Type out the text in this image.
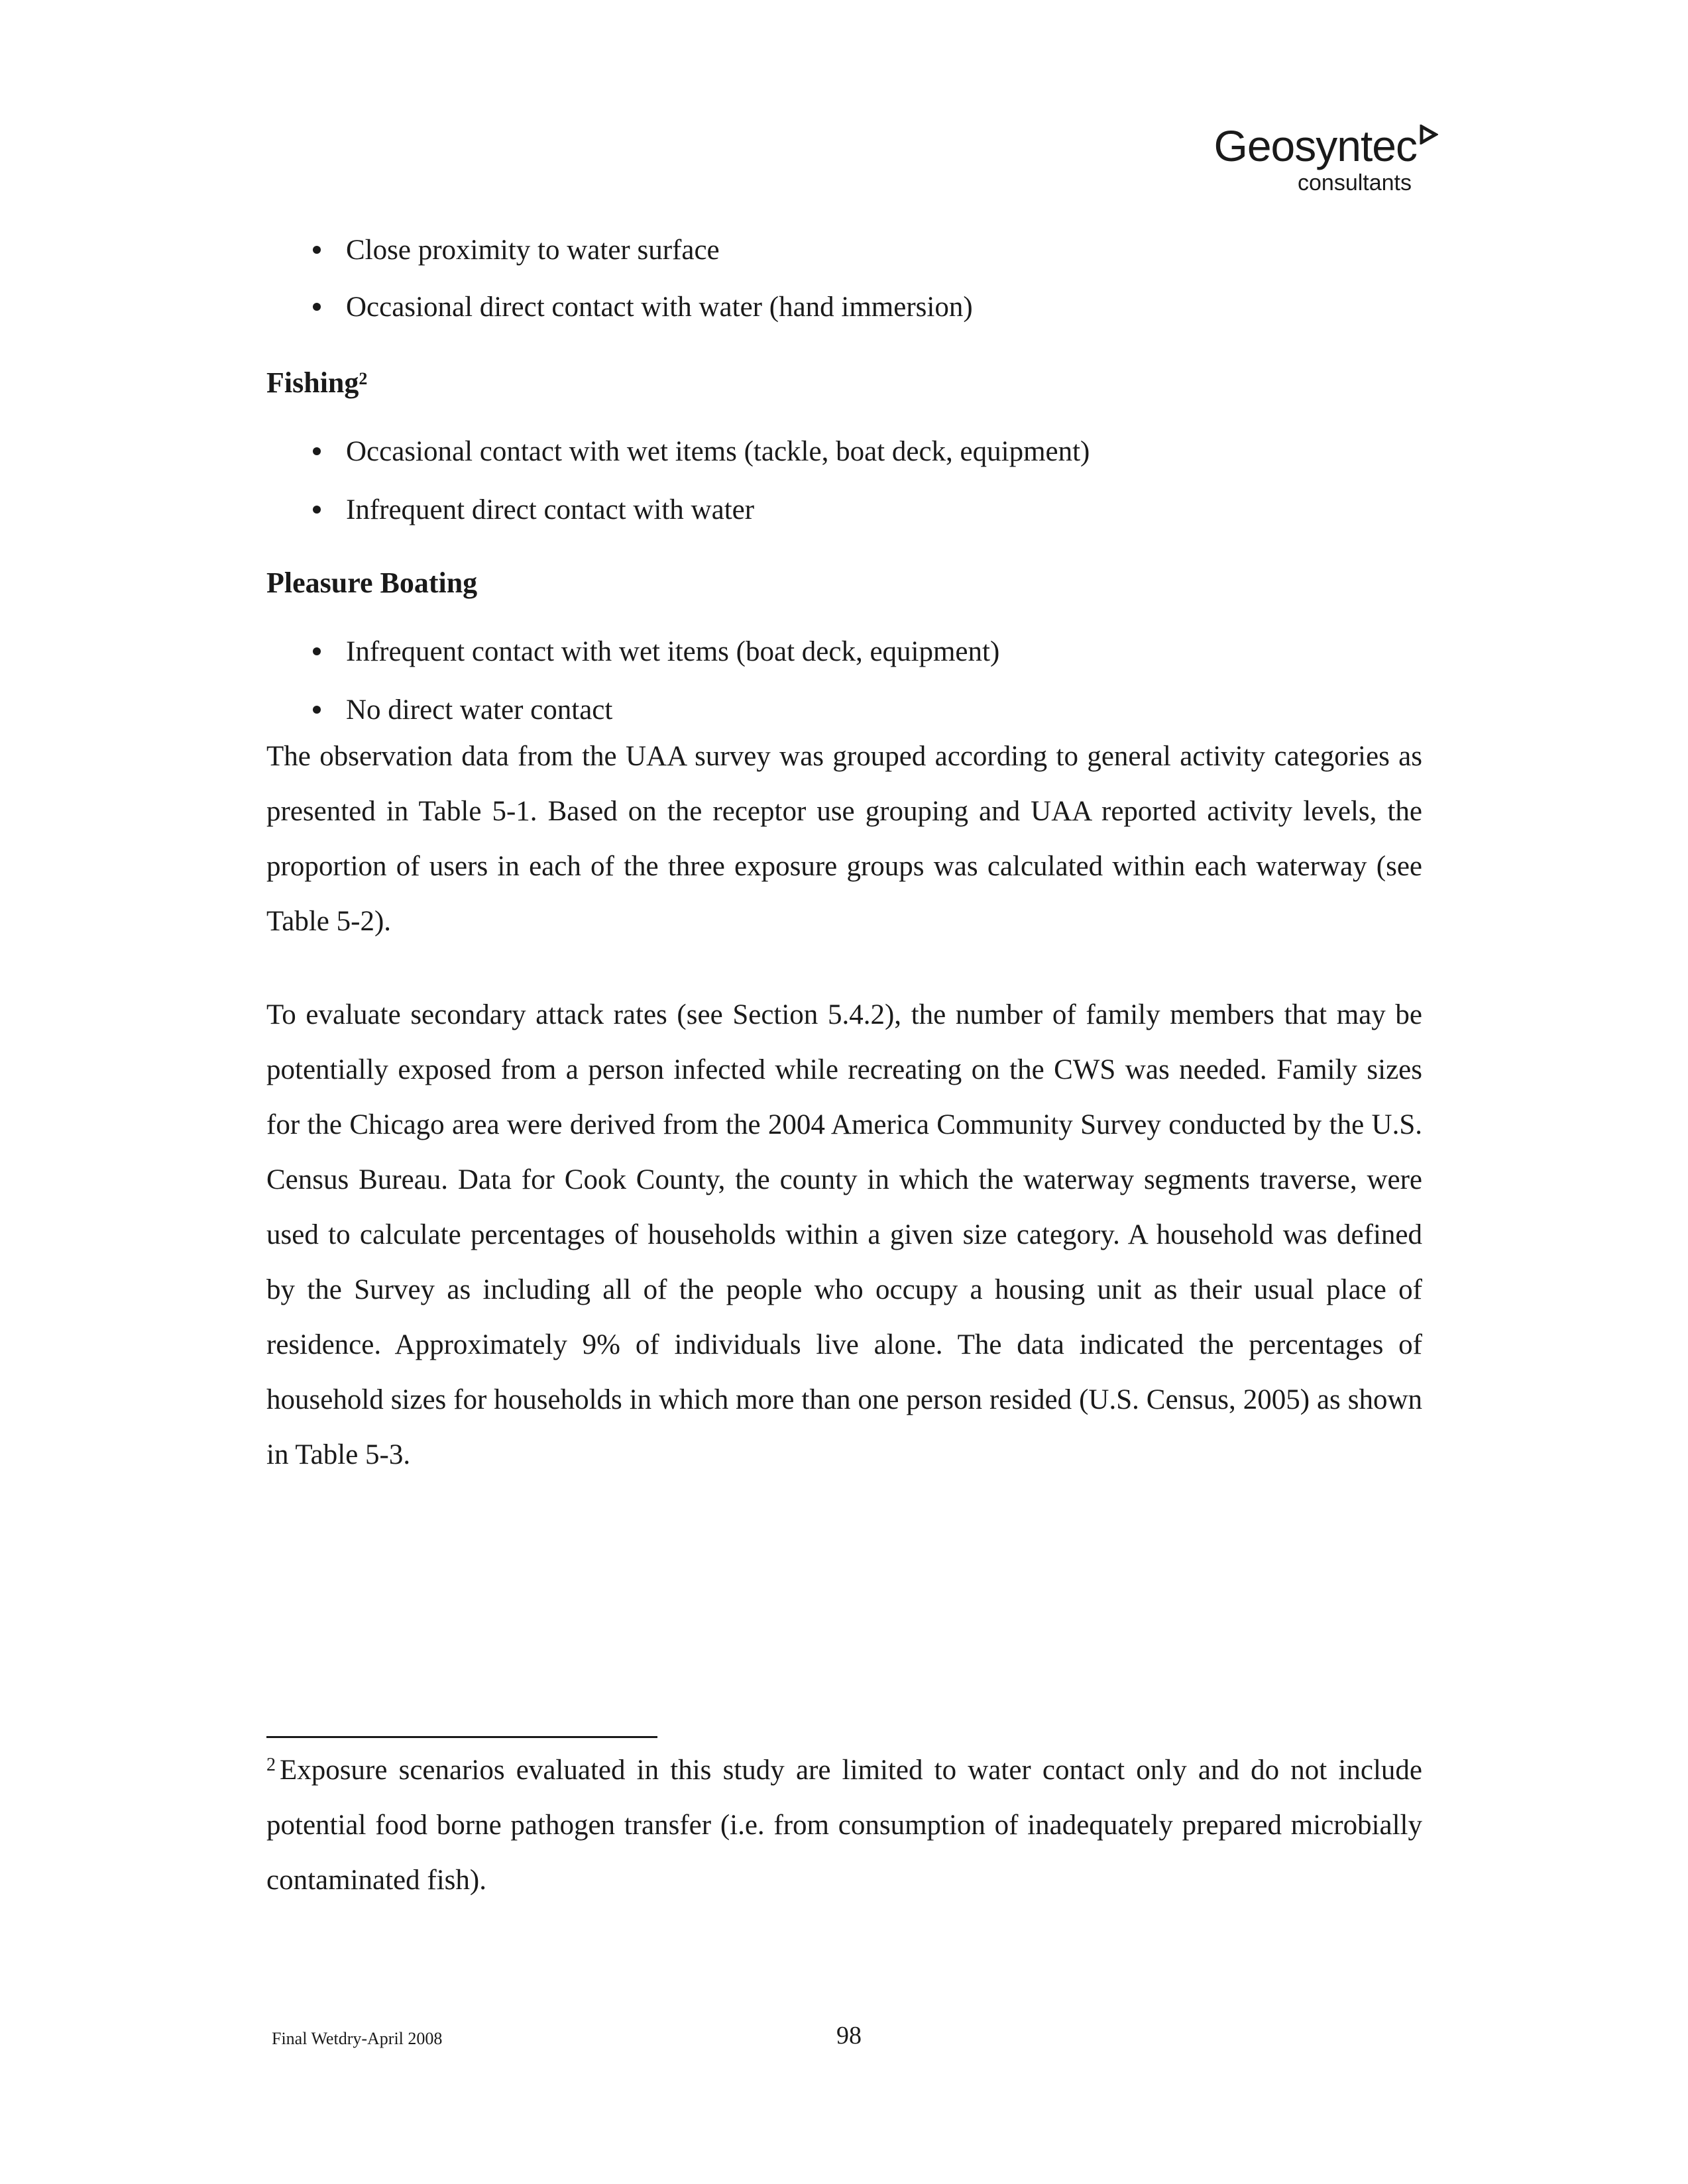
Geosyntec
consultants
Close proximity to water surface
Occasional direct contact with water (hand immersion)
Fishing$^2$
Occasional contact with wet items (tackle, boat deck, equipment)
Infrequent direct contact with water
Pleasure Boating
Infrequent contact with wet items (boat deck, equipment)
No direct water contact

The observation data from the UAA survey was grouped according to general activity categories as presented in Table 5-1. Based on the receptor use grouping and UAA reported activity levels, the proportion of users in each of the three exposure groups was calculated within each waterway (see Table 5-2).

To evaluate secondary attack rates (see Section 5.4.2), the number of family members that may be potentially exposed from a person infected while recreating on the CWS was needed. Family sizes for the Chicago area were derived from the 2004 America Community Survey conducted by the U.S. Census Bureau. Data for Cook County, the county in which the waterway segments traverse, were used to calculate percentages of households within a given size category. A household was defined by the Survey as including all of the people who occupy a housing unit as their usual place of residence. Approximately 9% of individuals live alone. The data indicated the percentages of household sizes for households in which more than one person resided (U.S. Census, 2005) as shown in Table 5-3.

$^2$ Exposure scenarios evaluated in this study are limited to water contact only and do not include potential food borne pathogen transfer (i.e. from consumption of inadequately prepared microbially contaminated fish).

Final Wetdry-April 2008	98
